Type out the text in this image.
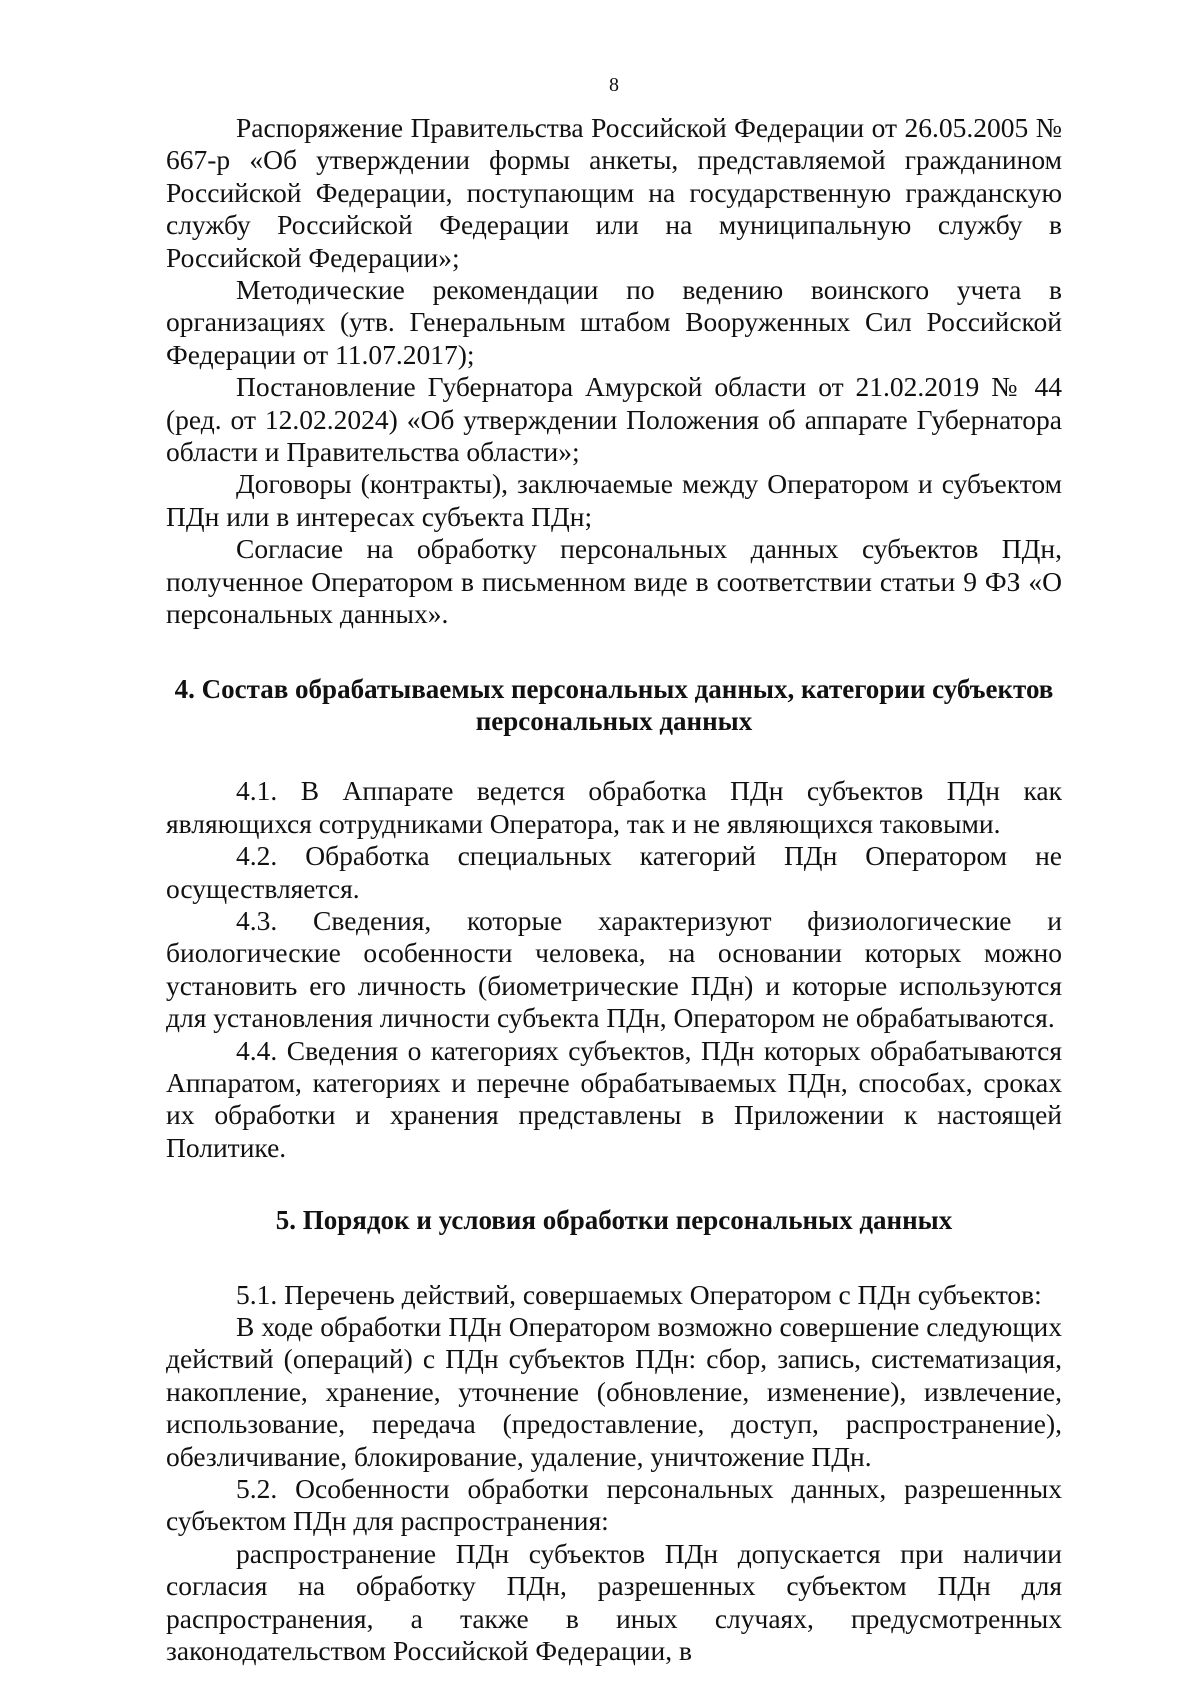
8

Распоряжение Правительства Российской Федерации от 26.05.2005 № 667-р «Об утверждении формы анкеты, представляемой гражданином Российской Федерации, поступающим на государственную гражданскую службу Российской Федерации или на муниципальную службу в Российской Федерации»;

Методические рекомендации по ведению воинского учета в организациях (утв. Генеральным штабом Вооруженных Сил Российской Федерации от 11.07.2017);

Постановление Губернатора Амурской области от 21.02.2019 № 44 (ред. от 12.02.2024) «Об утверждении Положения об аппарате Губернатора области и Правительства области»;

Договоры (контракты), заключаемые между Оператором и субъектом ПДн или в интересах субъекта ПДн;

Согласие на обработку персональных данных субъектов ПДн, полученное Оператором в письменном виде в соответствии статьи 9 ФЗ «О персональных данных».

4. Состав обрабатываемых персональных данных, категории субъектов персональных данных

4.1. В Аппарате ведется обработка ПДн субъектов ПДн как являющихся сотрудниками Оператора, так и не являющихся таковыми.

4.2. Обработка специальных категорий ПДн Оператором не осуществляется.

4.3. Сведения, которые характеризуют физиологические и биологические особенности человека, на основании которых можно установить его личность (биометрические ПДн) и которые используются для установления личности субъекта ПДн, Оператором не обрабатываются.

4.4. Сведения о категориях субъектов, ПДн которых обрабатываются Аппаратом, категориях и перечне обрабатываемых ПДн, способах, сроках их обработки и хранения представлены в Приложении к настоящей Политике.

5. Порядок и условия обработки персональных данных

5.1. Перечень действий, совершаемых Оператором с ПДн субъектов:

В ходе обработки ПДн Оператором возможно совершение следующих действий (операций) с ПДн субъектов ПДн: сбор, запись, систематизация, накопление, хранение, уточнение (обновление, изменение), извлечение, использование, передача (предоставление, доступ, распространение), обезличивание, блокирование, удаление, уничтожение ПДн.

5.2. Особенности обработки персональных данных, разрешенных субъектом ПДн для распространения:

распространение ПДн субъектов ПДн допускается при наличии согласия на обработку ПДн, разрешенных субъектом ПДн для распространения, а также в иных случаях, предусмотренных законодательством Российской Федерации, в
